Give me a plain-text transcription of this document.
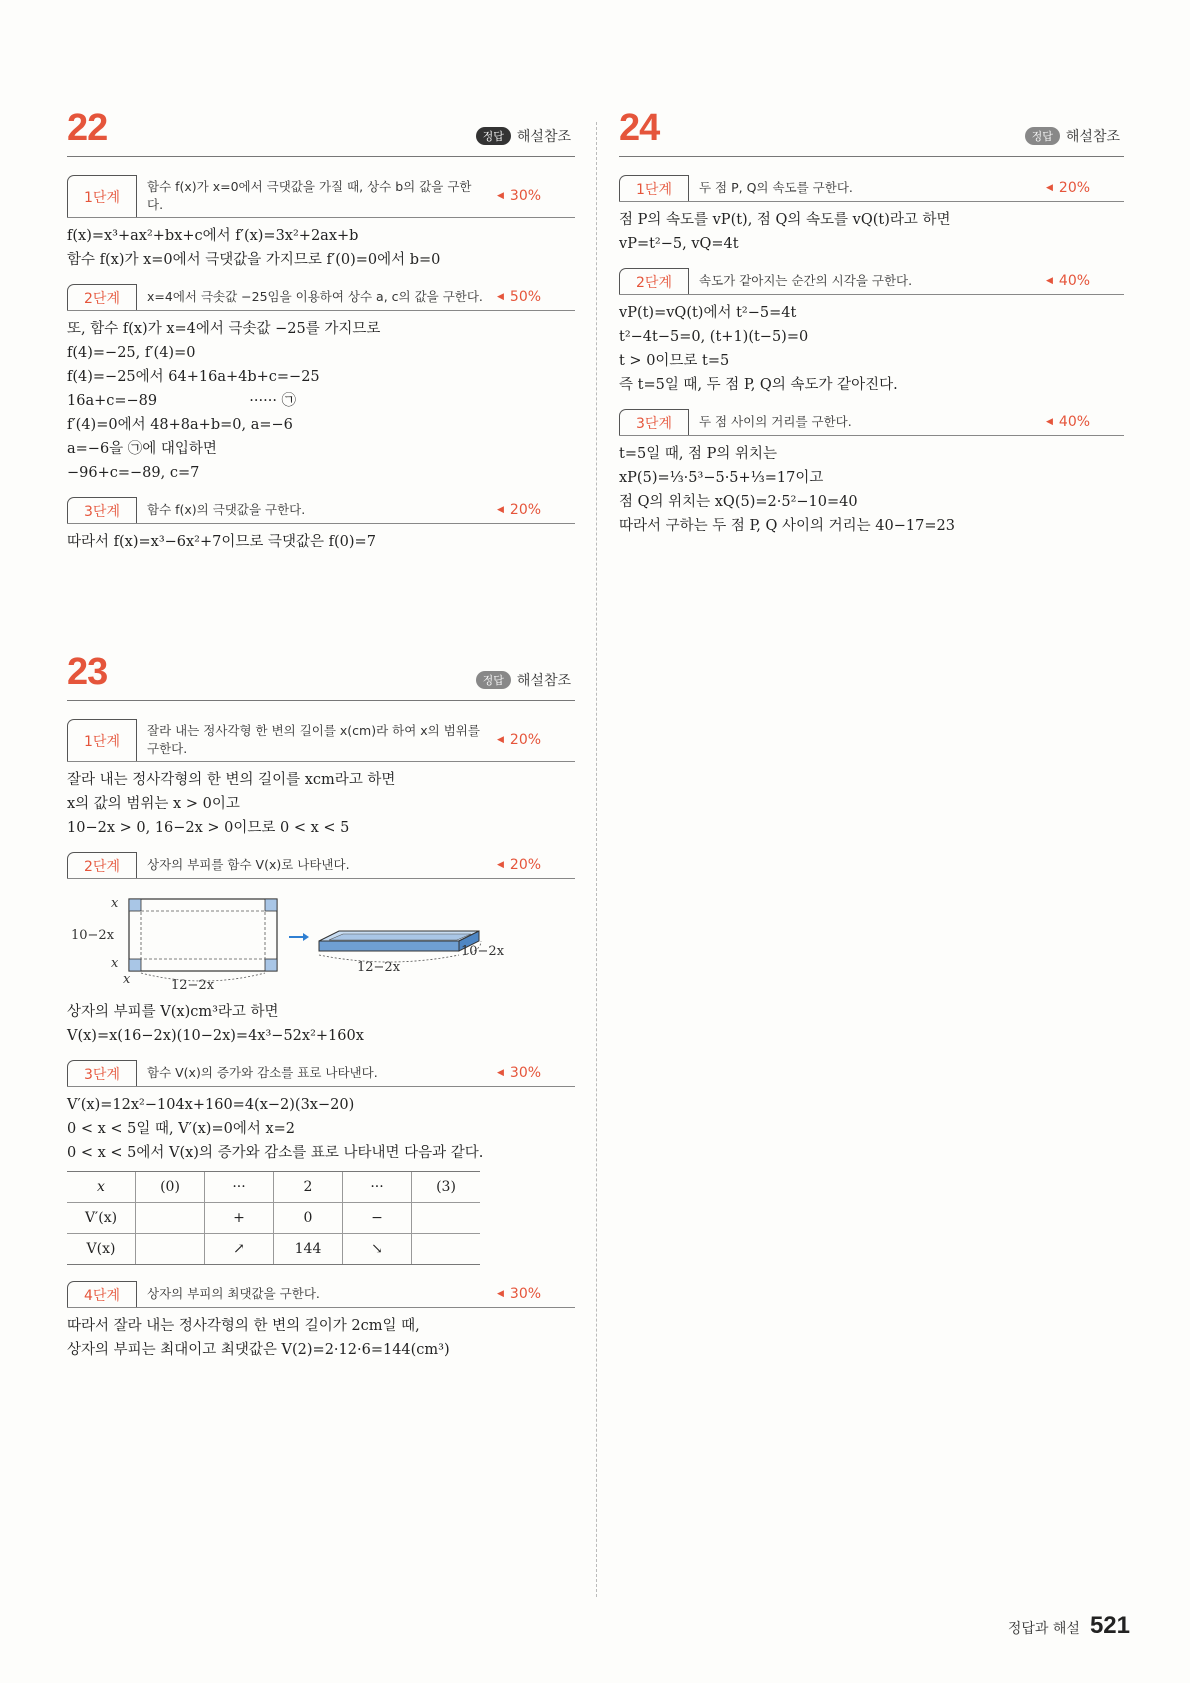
22	정답 해설참조
1단계
함수 f(x)가 x=0에서 극댓값을 가질 때, 상수 b의 값을 구한다.
◀ 30%
f(x)=x³+ax²+bx+c에서 f′(x)=3x²+2ax+b
함수 f(x)가 x=0에서 극댓값을 가지므로 f′(0)=0에서 b=0
2단계	x=4에서 극솟값 −25임을 이용하여 상수 a, c의 값을 구한다.	◀ 50%
또, 함수 f(x)가 x=4에서 극솟값 −25를 가지므로
f(4)=−25, f′(4)=0
f(4)=−25에서 64+16a+4b+c=−25
16a+c=−89                    ······ ㉠
f′(4)=0에서 48+8a+b=0, a=−6
a=−6을 ㉠에 대입하면
−96+c=−89, c=7
3단계	함수 f(x)의 극댓값을 구한다.	◀ 20%
따라서 f(x)=x³−6x²+7이므로 극댓값은 f(0)=7
23	정답 해설참조
1단계
잘라 내는 정사각형 한 변의 길이를 x(cm)라 하여 x의 범위를 구한다.
◀ 20%
잘라 내는 정사각형의 한 변의 길이를 xcm라고 하면
x의 값의 범위는 x > 0이고
10−2x > 0, 16−2x > 0이므로 0 < x < 5
2단계	상자의 부피를 함수 V(x)로 나타낸다.	◀ 20%
x
10−2x
x
x	12−2x
12−2x
10−2x
상자의 부피를 V(x)cm³라고 하면
V(x)=x(16−2x)(10−2x)=4x³−52x²+160x
3단계	함수 V(x)의 증가와 감소를 표로 나타낸다.	◀ 30%
V′(x)=12x²−104x+160=4(x−2)(3x−20)
0 < x < 5일 때, V′(x)=0에서 x=2
0 < x < 5에서 V(x)의 증가와 감소를 표로 나타내면 다음과 같다.
x	(0)	···	2	···	(3)
V′(x)		+	0	−	
V(x)		↗	144	↘	
4단계	상자의 부피의 최댓값을 구한다.	◀ 30%
따라서 잘라 내는 정사각형의 한 변의 길이가 2cm일 때,
상자의 부피는 최대이고 최댓값은 V(2)=2·12·6=144(cm³)
24	정답 해설참조
1단계	두 점 P, Q의 속도를 구한다.	◀ 20%
점 P의 속도를 vP(t), 점 Q의 속도를 vQ(t)라고 하면
vP=t²−5, vQ=4t
2단계	속도가 같아지는 순간의 시각을 구한다.	◀ 40%
vP(t)=vQ(t)에서 t²−5=4t
t²−4t−5=0, (t+1)(t−5)=0
t > 0이므로 t=5
즉 t=5일 때, 두 점 P, Q의 속도가 같아진다.
3단계	두 점 사이의 거리를 구한다.	◀ 40%
t=5일 때, 점 P의 위치는
xP(5)=⅓·5³−5·5+⅓=17이고
점 Q의 위치는 xQ(5)=2·5²−10=40
따라서 구하는 두 점 P, Q 사이의 거리는 40−17=23
정답과 해설 521
